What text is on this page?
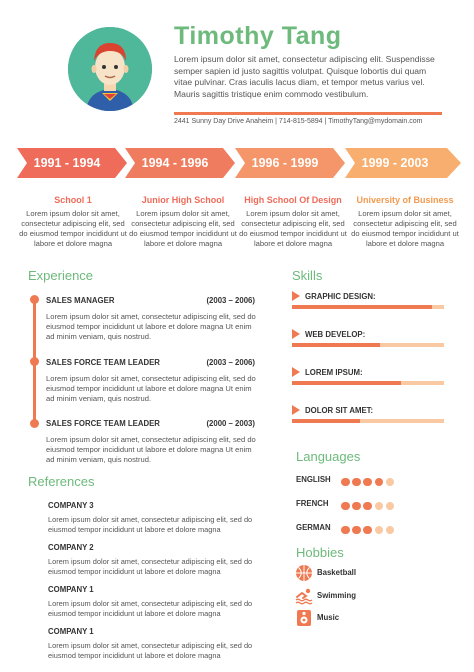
Timothy Tang
Lorem ipsum dolor sit amet, consectetur adipiscing elit. Suspendisse semper sapien id justo sagittis volutpat. Quisque lobortis dui quam vitae pulvinar. Cras iaculis lacus diam, et tempor metus varius vel. Mauris sagittis tristique enim commodo vestibulum.
2441 Sunny Day Drive Anaheim | 714-815-5894 | TimothyTang@mydomain.com
1991 - 1994	1994 - 1996	1996 - 1999	1999 - 2003
School 1
Lorem ipsum dolor sit amet, consectetur adipiscing elit, sed do eiusmod tempor incididunt ut labore et dolore magna
Junior High School
Lorem ipsum dolor sit amet, consectetur adipiscing elit, sed do eiusmod tempor incididunt ut labore et dolore magna
High School Of Design
Lorem ipsum dolor sit amet, consectetur adipiscing elit, sed do eiusmod tempor incididunt ut labore et dolore magna
University of Business
Lorem ipsum dolor sit amet, consectetur adipiscing elit, sed do eiusmod tempor incididunt ut labore et dolore magna
Experience
SALES MANAGER	(2003 – 2006)
Lorem ipsum dolor sit amet, consectetur adipiscing elit, sed do eiusmod tempor incididunt ut labore et dolore magna Ut enim ad minim veniam, quis nostrud.
SALES FORCE TEAM LEADER	(2003 – 2006)
Lorem ipsum dolor sit amet, consectetur adipiscing elit, sed do eiusmod tempor incididunt ut labore et dolore magna Ut enim ad minim veniam, quis nostrud.
SALES FORCE TEAM LEADER	(2000 – 2003)
Lorem ipsum dolor sit amet, consectetur adipiscing elit, sed do eiusmod tempor incididunt ut labore et dolore magna Ut enim ad minim veniam, quis nostrud.
References
COMPANY 3
Lorem ipsum dolor sit amet, consectetur adipiscing elit, sed do eiusmod tempor incididunt ut labore et dolore magna
COMPANY 2
Lorem ipsum dolor sit amet, consectetur adipiscing elit, sed do eiusmod tempor incididunt ut labore et dolore magna
COMPANY 1
Lorem ipsum dolor sit amet, consectetur adipiscing elit, sed do eiusmod tempor incididunt ut labore et dolore magna
COMPANY 1
Lorem ipsum dolor sit amet, consectetur adipiscing elit, sed do eiusmod tempor incididunt ut labore et dolore magna
Skills
GRAPHIC DESIGN:
WEB DEVELOP:
LOREM IPSUM:
DOLOR SIT AMET:
Languages
ENGLISH
FRENCH
GERMAN
Hobbies
Basketball
Swimming
Music
